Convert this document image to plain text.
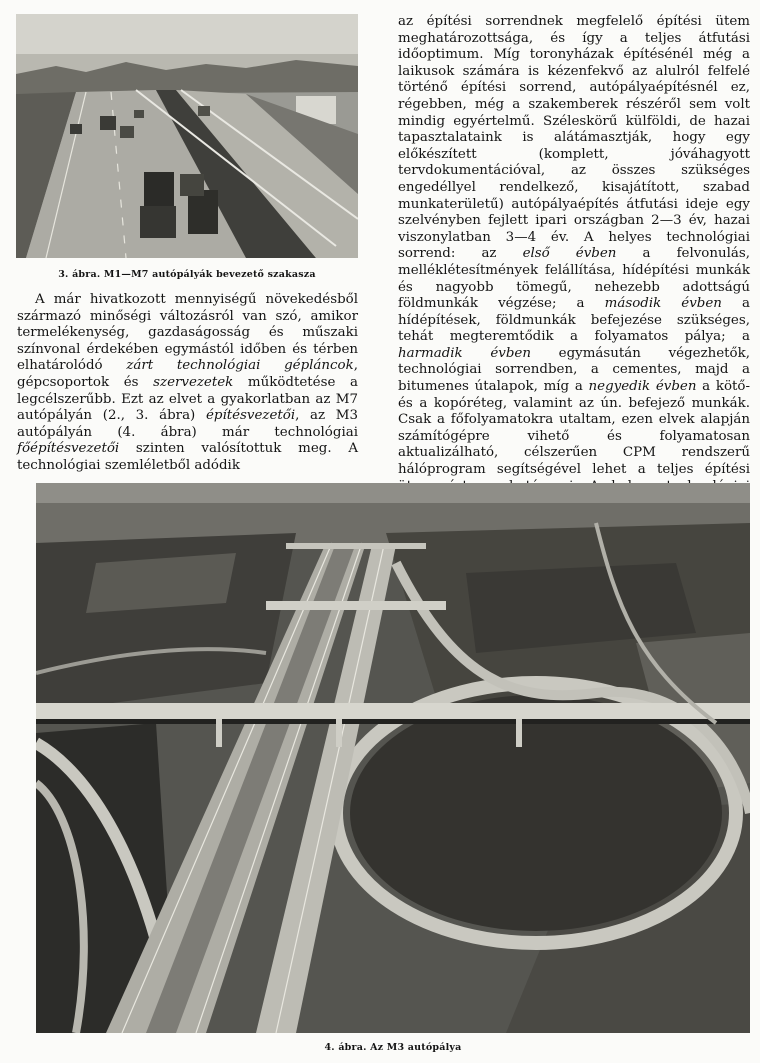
3. ábra. M1—M7 autópályák bevezető szakasza

A már hivatkozott mennyiségű növekedésből származó minőségi változásról van szó, amikor termelékenység, gazdaságosság és műszaki színvonal érdekében egymástól időben és térben elhatárolódó zárt technológiai gépláncok, gépcsoportok és szervezetek működtetése a legcélszerűbb. Ezt az elvet a gyakorlatban az M7 autópályán (2., 3. ábra) építésvezetői, az M3 autópályán (4. ábra) már technológiai főépítésvezetői szinten valósítottuk meg. A technológiai szemléletből adódik

az építési sorrendnek megfelelő építési ütem meghatározottsága, és így a teljes átfutási időoptimum. Míg toronyházak építésénél még a laikusok számára is kézenfekvő az alulról felfelé történő építési sorrend, autópályaépítésnél ez, régebben, még a szakemberek részéről sem volt mindig egyértelmű. Széleskörű külföldi, de hazai tapasztalataink is alátámasztják, hogy egy előkészített (komplett, jóváhagyott tervdokumentációval, az összes szükséges engedéllyel rendelkező, kisajátított, szabad munkaterületű) autópályaépítés átfutási ideje egy szelvényben fejlett ipari országban 2—3 év, hazai viszonylatban 3—4 év. A helyes technológiai sorrend: az első évben a felvonulás, melléklétesítmények felállítása, hídépítési munkák és nagyobb tömegű, nehezebb adottságú földmunkák végzése; a második évben a hídépítések, földmunkák befejezése szükséges, tehát megteremtődik a folyamatos pálya; a harmadik évben egymásután végezhetők, technológiai sorrendben, a cementes, majd a bitumenes útalapok, míg a negyedik évben a kötő- és a kopóréteg, valamint az ún. befejező munkák. Csak a főfolyamatokra utaltam, ezen elvek alapján számítógépre vihető és folyamatosan aktualizálható, célszerűen CPM rendszerű hálóprogram segítségével lehet a teljes építési

4. ábra. Az M3 autópálya
